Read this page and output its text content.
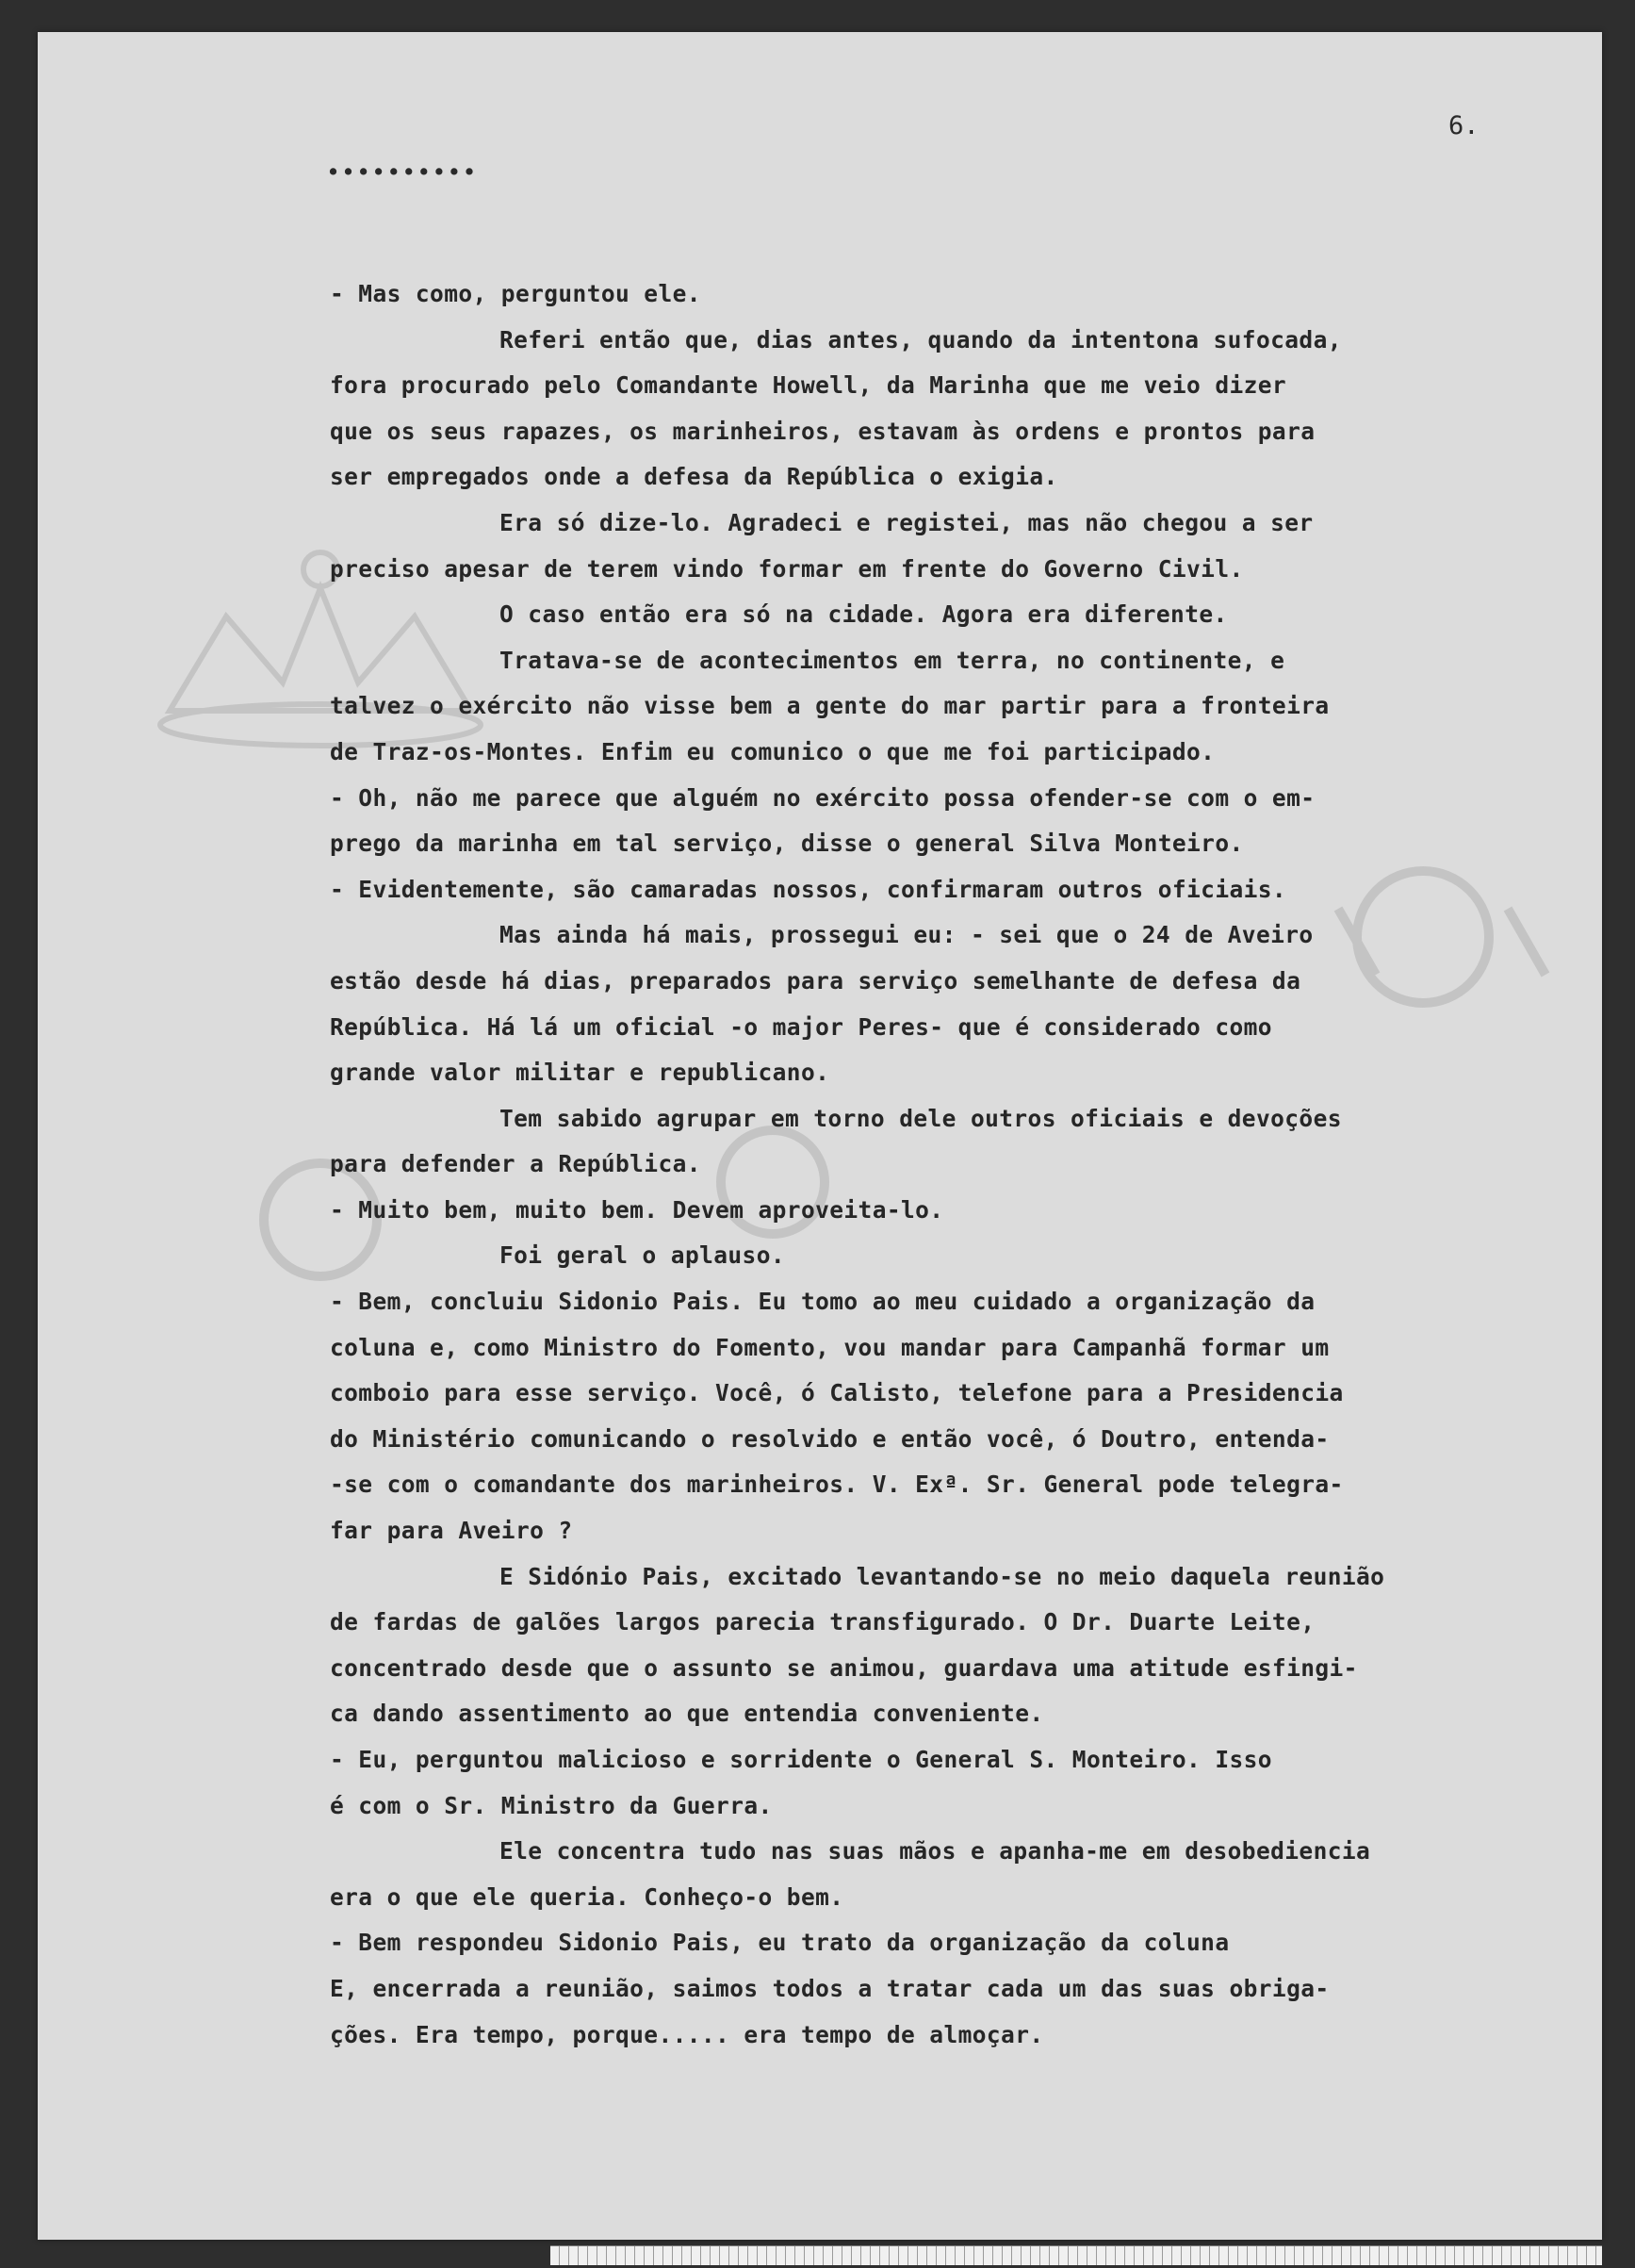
6.
••••••••••
- Mas como, perguntou ele.
Referi então que, dias antes, quando da intentona sufocada,
fora procurado pelo Comandante Howell, da Marinha que me veio dizer
que os seus rapazes, os marinheiros, estavam às ordens e prontos para
ser empregados onde a defesa da República o exigia.
Era só dize-lo. Agradeci e registei, mas não chegou a ser
preciso apesar de terem vindo formar em frente do Governo Civil.
O caso então era só na cidade. Agora era diferente.
Tratava-se de acontecimentos em terra, no continente, e
talvez o exército não visse bem a gente do mar partir para a fronteira
de Traz-os-Montes. Enfim eu comunico o que me foi participado.
- Oh, não me parece que alguém no exército possa ofender-se com o em-
prego da marinha em tal serviço, disse o general Silva Monteiro.
- Evidentemente, são camaradas nossos, confirmaram outros oficiais.
Mas ainda há mais, prossegui eu: - sei que o 24 de Aveiro
estão desde há dias, preparados para serviço semelhante de defesa da
República. Há lá um oficial -o major Peres- que é considerado como
grande valor militar e republicano.
Tem sabido agrupar em torno dele outros oficiais e devoções
para defender a República.
- Muito bem, muito bem. Devem aproveita-lo.
Foi geral o aplauso.
- Bem, concluiu Sidonio Pais. Eu tomo ao meu cuidado a organização da
coluna e, como Ministro do Fomento, vou mandar para Campanhã formar um
comboio para esse serviço. Você, ó Calisto, telefone para a Presidencia
do Ministério comunicando o resolvido e então você, ó Doutro, entenda-
-se com o comandante dos marinheiros. V. Exª. Sr. General pode telegra-
far para Aveiro ?
E Sidónio Pais, excitado levantando-se no meio daquela reunião
de fardas de galões largos parecia transfigurado. O Dr. Duarte Leite,
concentrado desde que o assunto se animou, guardava uma atitude esfingi-
ca dando assentimento ao que entendia conveniente.
- Eu, perguntou malicioso e sorridente o General S. Monteiro. Isso
é com o Sr. Ministro da Guerra.
Ele concentra tudo nas suas mãos e apanha-me em desobediencia
era o que ele queria. Conheço-o bem.
- Bem respondeu Sidonio Pais, eu trato da organização da coluna
E, encerrada a reunião, saimos todos a tratar cada um das suas obriga-
ções. Era tempo, porque..... era tempo de almoçar.
